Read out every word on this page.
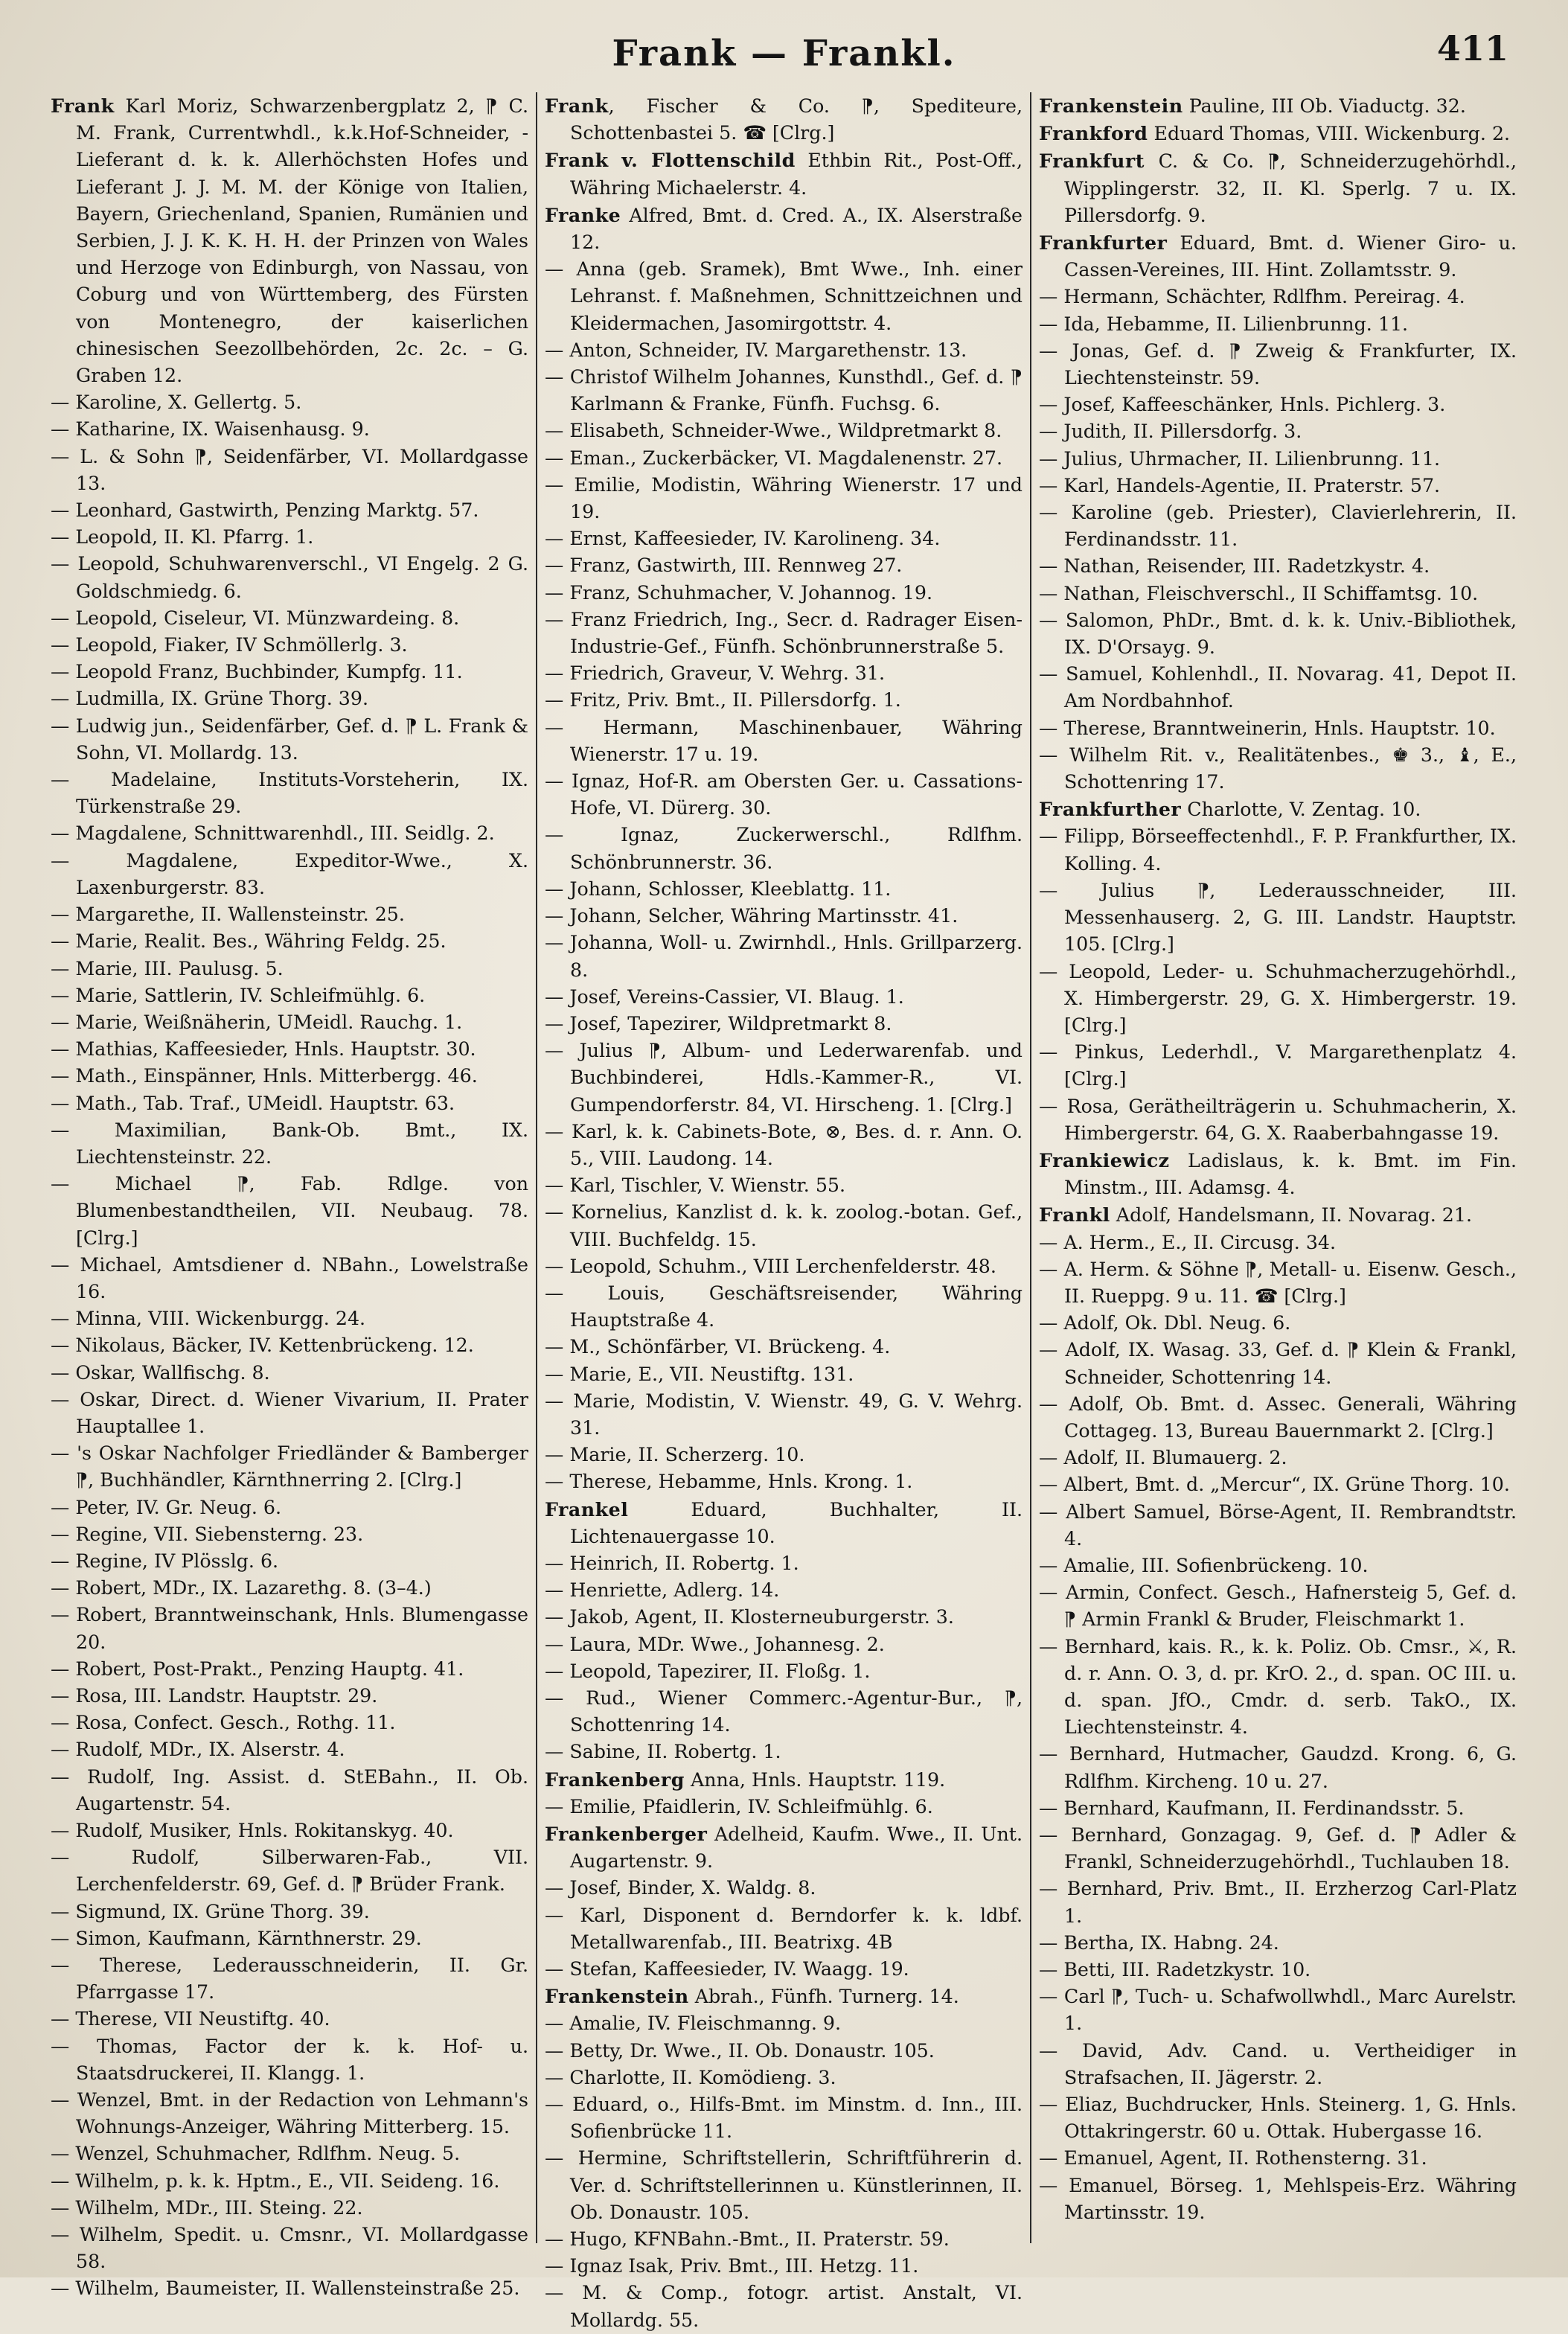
Frank — Frankl.	411
Frank Karl Moriz, Schwarzenbergplatz 2, ⁋ C. M. Frank, Currentwhdl., k.k.Hof-Schneider, -Lieferant d. k. k. Allerhöchsten Hofes und Lieferant J. J. M. M. der Könige von Italien, Bayern, Griechenland, Spanien, Rumänien und Serbien, J. J. K. K. H. H. der Prinzen von Wales und Herzoge von Edinburgh, von Nassau, von Coburg und von Württemberg, des Fürsten von Montenegro, der kaiserlichen chinesischen Seezollbehörden, 2c. 2c. – G. Graben 12.
— Karoline, X. Gellertg. 5.
— Katharine, IX. Waisenhausg. 9.
— L. & Sohn ⁋, Seidenfärber, VI. Mollardgasse 13.
— Leonhard, Gastwirth, Penzing Marktg. 57.
— Leopold, II. Kl. Pfarrg. 1.
— Leopold, Schuhwarenverschl., VI Engelg. 2 G. Goldschmiedg. 6.
— Leopold, Ciseleur, VI. Münzwardeing. 8.
— Leopold, Fiaker, IV Schmöllerlg. 3.
— Leopold Franz, Buchbinder, Kumpfg. 11.
— Ludmilla, IX. Grüne Thorg. 39.
— Ludwig jun., Seidenfärber, Gef. d. ⁋ L. Frank & Sohn, VI. Mollardg. 13.
— Madelaine, Instituts-Vorsteherin, IX. Türkenstraße 29.
— Magdalene, Schnittwarenhdl., III. Seidlg. 2.
— Magdalene, Expeditor-Wwe., X. Laxenburgerstr. 83.
— Margarethe, II. Wallensteinstr. 25.
— Marie, Realit. Bes., Währing Feldg. 25.
— Marie, III. Paulusg. 5.
— Marie, Sattlerin, IV. Schleifmühlg. 6.
— Marie, Weißnäherin, UMeidl. Rauchg. 1.
— Mathias, Kaffeesieder, Hnls. Hauptstr. 30.
— Math., Einspänner, Hnls. Mitterbergg. 46.
— Math., Tab. Traf., UMeidl. Hauptstr. 63.
— Maximilian, Bank-Ob. Bmt., IX. Liechtensteinstr. 22.
— Michael ⁋, Fab. Rdlge. von Blumenbestandtheilen, VII. Neubaug. 78. [Clrg.]
— Michael, Amtsdiener d. NBahn., Lowelstraße 16.
— Minna, VIII. Wickenburgg. 24.
— Nikolaus, Bäcker, IV. Kettenbrückeng. 12.
— Oskar, Wallfischg. 8.
— Oskar, Direct. d. Wiener Vivarium, II. Prater Hauptallee 1.
— 's Oskar Nachfolger Friedländer & Bamberger ⁋, Buchhändler, Kärnthnerring 2. [Clrg.]
— Peter, IV. Gr. Neug. 6.
— Regine, VII. Siebensterng. 23.
— Regine, IV Plösslg. 6.
— Robert, MDr., IX. Lazarethg. 8. (3–4.)
— Robert, Branntweinschank, Hnls. Blumengasse 20.
— Robert, Post-Prakt., Penzing Hauptg. 41.
— Rosa, III. Landstr. Hauptstr. 29.
— Rosa, Confect. Gesch., Rothg. 11.
— Rudolf, MDr., IX. Alserstr. 4.
— Rudolf, Ing. Assist. d. StEBahn., II. Ob. Augartenstr. 54.
— Rudolf, Musiker, Hnls. Rokitanskyg. 40.
— Rudolf, Silberwaren-Fab., VII. Lerchenfelderstr. 69, Gef. d. ⁋ Brüder Frank.
— Sigmund, IX. Grüne Thorg. 39.
— Simon, Kaufmann, Kärnthnerstr. 29.
— Therese, Lederausschneiderin, II. Gr. Pfarrgasse 17.
— Therese, VII Neustiftg. 40.
— Thomas, Factor der k. k. Hof- u. Staatsdruckerei, II. Klangg. 1.
— Wenzel, Bmt. in der Redaction von Lehmann's Wohnungs-Anzeiger, Währing Mitterberg. 15.
— Wenzel, Schuhmacher, Rdlfhm. Neug. 5.
— Wilhelm, p. k. k. Hptm., E., VII. Seideng. 16.
— Wilhelm, MDr., III. Steing. 22.
— Wilhelm, Spedit. u. Cmsnr., VI. Mollardgasse 58.
— Wilhelm, Baumeister, II. Wallensteinstraße 25.
Frank, Fischer & Co. ⁋, Spediteure, Schottenbastei 5. ☎ [Clrg.]
Frank v. Flottenschild Ethbin Rit., Post-Off., Währing Michaelerstr. 4.
Franke Alfred, Bmt. d. Cred. A., IX. Alserstraße 12.
— Anna (geb. Sramek), Bmt Wwe., Inh. einer Lehranst. f. Maßnehmen, Schnittzeichnen und Kleidermachen, Jasomirgottstr. 4.
— Anton, Schneider, IV. Margarethenstr. 13.
— Christof Wilhelm Johannes, Kunsthdl., Gef. d. ⁋ Karlmann & Franke, Fünfh. Fuchsg. 6.
— Elisabeth, Schneider-Wwe., Wildpretmarkt 8.
— Eman., Zuckerbäcker, VI. Magdalenenstr. 27.
— Emilie, Modistin, Währing Wienerstr. 17 und 19.
— Ernst, Kaffeesieder, IV. Karolineng. 34.
— Franz, Gastwirth, III. Rennweg 27.
— Franz, Schuhmacher, V. Johannog. 19.
— Franz Friedrich, Ing., Secr. d. Radrager Eisen-Industrie-Gef., Fünfh. Schönbrunnerstraße 5.
— Friedrich, Graveur, V. Wehrg. 31.
— Fritz, Priv. Bmt., II. Pillersdorfg. 1.
— Hermann, Maschinenbauer, Währing Wienerstr. 17 u. 19.
— Ignaz, Hof-R. am Obersten Ger. u. Cassations-Hofe, VI. Dürerg. 30.
— Ignaz, Zuckerwerschl., Rdlfhm. Schönbrunnerstr. 36.
— Johann, Schlosser, Kleeblattg. 11.
— Johann, Selcher, Währing Martinsstr. 41.
— Johanna, Woll- u. Zwirnhdl., Hnls. Grillparzerg. 8.
— Josef, Vereins-Cassier, VI. Blaug. 1.
— Josef, Tapezirer, Wildpretmarkt 8.
— Julius ⁋, Album- und Lederwarenfab. und Buchbinderei, Hdls.-Kammer-R., VI. Gumpendorferstr. 84, VI. Hirscheng. 1. [Clrg.]
— Karl, k. k. Cabinets-Bote, ⊗, Bes. d. r. Ann. O. 5., VIII. Laudong. 14.
— Karl, Tischler, V. Wienstr. 55.
— Kornelius, Kanzlist d. k. k. zoolog.-botan. Gef., VIII. Buchfeldg. 15.
— Leopold, Schuhm., VIII Lerchenfelderstr. 48.
— Louis, Geschäftsreisender, Währing Hauptstraße 4.
— M., Schönfärber, VI. Brückeng. 4.
— Marie, E., VII. Neustiftg. 131.
— Marie, Modistin, V. Wienstr. 49, G. V. Wehrg. 31.
— Marie, II. Scherzerg. 10.
— Therese, Hebamme, Hnls. Krong. 1.
Frankel Eduard, Buchhalter, II. Lichtenauergasse 10.
— Heinrich, II. Robertg. 1.
— Henriette, Adlerg. 14.
— Jakob, Agent, II. Klosterneuburgerstr. 3.
— Laura, MDr. Wwe., Johannesg. 2.
— Leopold, Tapezirer, II. Floßg. 1.
— Rud., Wiener Commerc.-Agentur-Bur., ⁋, Schottenring 14.
— Sabine, II. Robertg. 1.
Frankenberg Anna, Hnls. Hauptstr. 119.
— Emilie, Pfaidlerin, IV. Schleifmühlg. 6.
Frankenberger Adelheid, Kaufm. Wwe., II. Unt. Augartenstr. 9.
— Josef, Binder, X. Waldg. 8.
— Karl, Disponent d. Berndorfer k. k. ldbf. Metallwarenfab., III. Beatrixg. 4B
— Stefan, Kaffeesieder, IV. Waagg. 19.
Frankenstein Abrah., Fünfh. Turnerg. 14.
— Amalie, IV. Fleischmanng. 9.
— Betty, Dr. Wwe., II. Ob. Donaustr. 105.
— Charlotte, II. Komödieng. 3.
— Eduard, o., Hilfs-Bmt. im Minstm. d. Inn., III. Sofienbrücke 11.
— Hermine, Schriftstellerin, Schriftführerin d. Ver. d. Schriftstellerinnen u. Künstlerinnen, II. Ob. Donaustr. 105.
— Hugo, KFNBahn.-Bmt., II. Praterstr. 59.
— Ignaz Isak, Priv. Bmt., III. Hetzg. 11.
— M. & Comp., fotogr. artist. Anstalt, VI. Mollardg. 55.
Frankenstein Pauline, III Ob. Viaductg. 32.
Frankford Eduard Thomas, VIII. Wickenburg. 2.
Frankfurt C. & Co. ⁋, Schneiderzugehörhdl., Wipplingerstr. 32, II. Kl. Sperlg. 7 u. IX. Pillersdorfg. 9.
Frankfurter Eduard, Bmt. d. Wiener Giro- u. Cassen-Vereines, III. Hint. Zollamtsstr. 9.
— Hermann, Schächter, Rdlfhm. Pereirag. 4.
— Ida, Hebamme, II. Lilienbrunng. 11.
— Jonas, Gef. d. ⁋ Zweig & Frankfurter, IX. Liechtensteinstr. 59.
— Josef, Kaffeeschänker, Hnls. Pichlerg. 3.
— Judith, II. Pillersdorfg. 3.
— Julius, Uhrmacher, II. Lilienbrunng. 11.
— Karl, Handels-Agentie, II. Praterstr. 57.
— Karoline (geb. Priester), Clavierlehrerin, II. Ferdinandsstr. 11.
— Nathan, Reisender, III. Radetzkystr. 4.
— Nathan, Fleischverschl., II Schiffamtsg. 10.
— Salomon, PhDr., Bmt. d. k. k. Univ.-Bibliothek, IX. D'Orsayg. 9.
— Samuel, Kohlenhdl., II. Novarag. 41, Depot II. Am Nordbahnhof.
— Therese, Branntweinerin, Hnls. Hauptstr. 10.
— Wilhelm Rit. v., Realitätenbes., ♚ 3., ♝, E., Schottenring 17.
Frankfurther Charlotte, V. Zentag. 10.
— Filipp, Börseeffectenhdl., F. P. Frankfurther, IX. Kolling. 4.
— Julius ⁋, Lederausschneider, III. Messenhauserg. 2, G. III. Landstr. Hauptstr. 105. [Clrg.]
— Leopold, Leder- u. Schuhmacherzugehörhdl., X. Himbergerstr. 29, G. X. Himbergerstr. 19. [Clrg.]
— Pinkus, Lederhdl., V. Margarethenplatz 4. [Clrg.]
— Rosa, Gerätheilträgerin u. Schuhmacherin, X. Himbergerstr. 64, G. X. Raaberbahngasse 19.
Frankiewicz Ladislaus, k. k. Bmt. im Fin. Minstm., III. Adamsg. 4.
Frankl Adolf, Handelsmann, II. Novarag. 21.
— A. Herm., E., II. Circusg. 34.
— A. Herm. & Söhne ⁋, Metall- u. Eisenw. Gesch., II. Rueppg. 9 u. 11. ☎ [Clrg.]
— Adolf, Ok. Dbl. Neug. 6.
— Adolf, IX. Wasag. 33, Gef. d. ⁋ Klein & Frankl, Schneider, Schottenring 14.
— Adolf, Ob. Bmt. d. Assec. Generali, Währing Cottageg. 13, Bureau Bauernmarkt 2. [Clrg.]
— Adolf, II. Blumauerg. 2.
— Albert, Bmt. d. „Mercur“, IX. Grüne Thorg. 10.
— Albert Samuel, Börse-Agent, II. Rembrandtstr. 4.
— Amalie, III. Sofienbrückeng. 10.
— Armin, Confect. Gesch., Hafnersteig 5, Gef. d. ⁋ Armin Frankl & Bruder, Fleischmarkt 1.
— Bernhard, kais. R., k. k. Poliz. Ob. Cmsr., ⚔, R. d. r. Ann. O. 3, d. pr. KrO. 2., d. span. OC III. u. d. span. JfO., Cmdr. d. serb. TakO., IX. Liechtensteinstr. 4.
— Bernhard, Hutmacher, Gaudzd. Krong. 6, G. Rdlfhm. Kircheng. 10 u. 27.
— Bernhard, Kaufmann, II. Ferdinandsstr. 5.
— Bernhard, Gonzagag. 9, Gef. d. ⁋ Adler & Frankl, Schneiderzugehörhdl., Tuchlauben 18.
— Bernhard, Priv. Bmt., II. Erzherzog Carl-Platz 1.
— Bertha, IX. Habng. 24.
— Betti, III. Radetzkystr. 10.
— Carl ⁋, Tuch- u. Schafwollwhdl., Marc Aurelstr. 1.
— David, Adv. Cand. u. Vertheidiger in Strafsachen, II. Jägerstr. 2.
— Eliaz, Buchdrucker, Hnls. Steinerg. 1, G. Hnls. Ottakringerstr. 60 u. Ottak. Hubergasse 16.
— Emanuel, Agent, II. Rothensterng. 31.
— Emanuel, Börseg. 1, Mehlspeis-Erz. Währing Martinsstr. 19.
